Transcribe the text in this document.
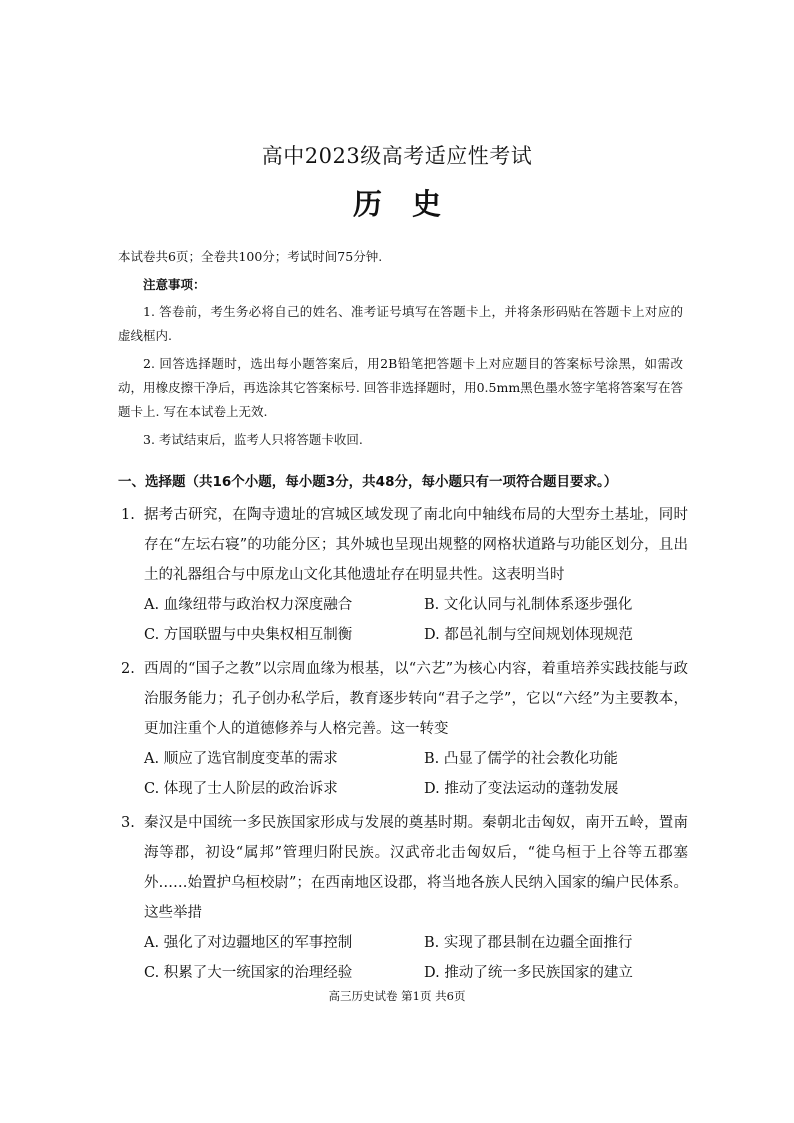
高中2023级高考适应性考试
历史
本试卷共6页；全卷共100分；考试时间75分钟.
注意事项：
1. 答卷前，考生务必将自己的姓名、准考证号填写在答题卡上，并将条形码贴在答题卡上对应的虚线框内.
2. 回答选择题时，选出每小题答案后，用2B铅笔把答题卡上对应题目的答案标号涂黑，如需改动，用橡皮擦干净后，再选涂其它答案标号. 回答非选择题时，用0.5mm黑色墨水签字笔将答案写在答题卡上. 写在本试卷上无效.
3. 考试结束后，监考人只将答题卡收回.
一、选择题（共16个小题，每小题3分，共48分，每小题只有一项符合题目要求。）
1. 据考古研究，在陶寺遗址的宫城区域发现了南北向中轴线布局的大型夯土基址，同时存在“左坛右寝”的功能分区；其外城也呈现出规整的网格状道路与功能区划分，且出土的礼器组合与中原龙山文化其他遗址存在明显共性。这表明当时
A. 血缘纽带与政治权力深度融合	B. 文化认同与礼制体系逐步强化
C. 方国联盟与中央集权相互制衡	D. 都邑礼制与空间规划体现规范
2. 西周的“国子之教”以宗周血缘为根基，以“六艺”为核心内容，着重培养实践技能与政治服务能力；孔子创办私学后，教育逐步转向“君子之学”，它以“六经”为主要教本，更加注重个人的道德修养与人格完善。这一转变
A. 顺应了选官制度变革的需求	B. 凸显了儒学的社会教化功能
C. 体现了士人阶层的政治诉求	D. 推动了变法运动的蓬勃发展
3. 秦汉是中国统一多民族国家形成与发展的奠基时期。秦朝北击匈奴，南开五岭，置南海等郡，初设“属邦”管理归附民族。汉武帝北击匈奴后，“徙乌桓于上谷等五郡塞外……始置护乌桓校尉”；在西南地区设郡，将当地各族人民纳入国家的编户民体系。这些举措
A. 强化了对边疆地区的军事控制	B. 实现了郡县制在边疆全面推行
C. 积累了大一统国家的治理经验	D. 推动了统一多民族国家的建立
高三历史试卷 第1页 共6页
